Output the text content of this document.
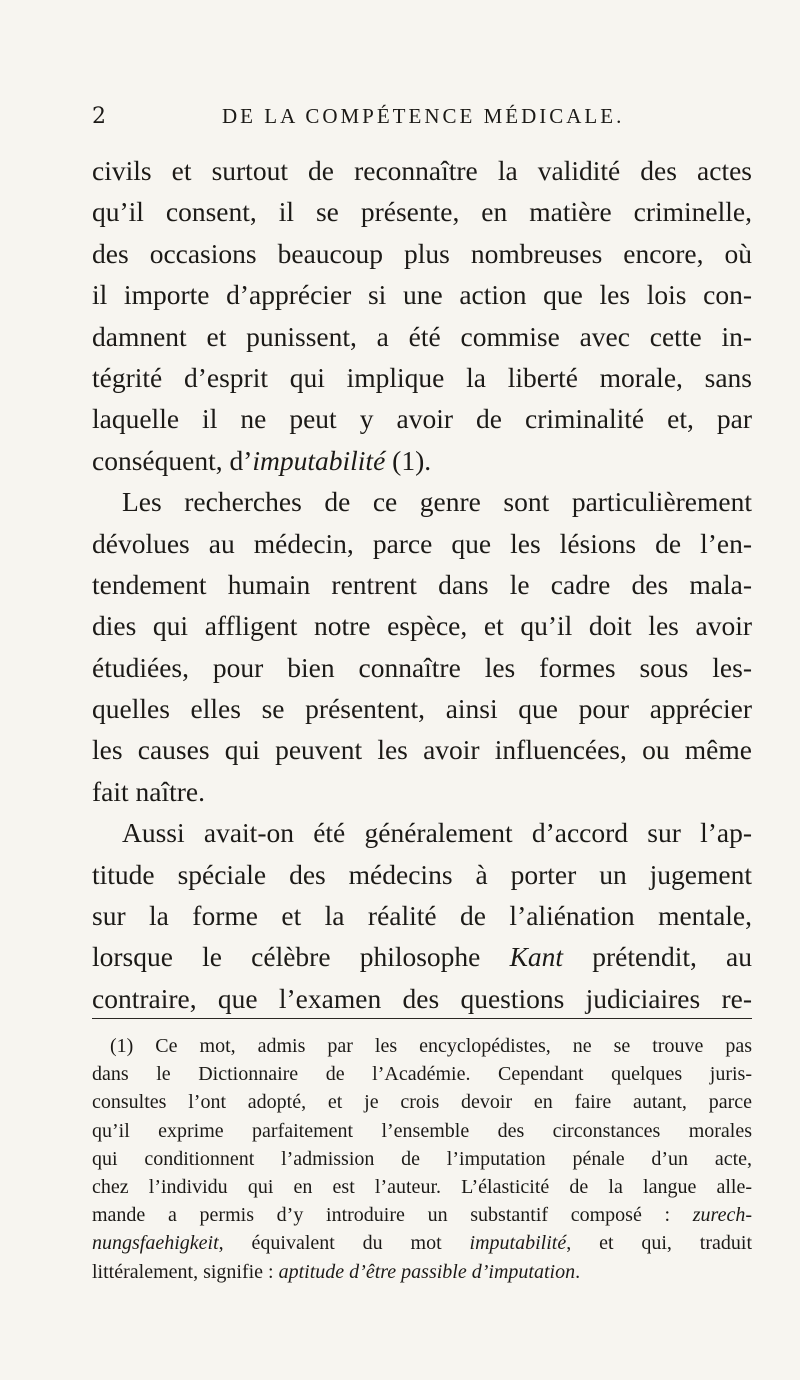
2	DE LA COMPÉTENCE MÉDICALE.
civils et surtout de reconnaître la validité des actes
qu’il consent, il se présente, en matière criminelle,
des occasions beaucoup plus nombreuses encore, où
il importe d’apprécier si une action que les lois con-
damnent et punissent, a été commise avec cette in-
tégrité d’esprit qui implique la liberté morale, sans
laquelle il ne peut y avoir de criminalité et, par
conséquent, d’imputabilité (1).
Les recherches de ce genre sont particulièrement
dévolues au médecin, parce que les lésions de l’en-
tendement humain rentrent dans le cadre des mala-
dies qui affligent notre espèce, et qu’il doit les avoir
étudiées, pour bien connaître les formes sous les-
quelles elles se présentent, ainsi que pour apprécier
les causes qui peuvent les avoir influencées, ou même
fait naître.
Aussi avait-on été généralement d’accord sur l’ap-
titude spéciale des médecins à porter un jugement
sur la forme et la réalité de l’aliénation mentale,
lorsque le célèbre philosophe Kant prétendit, au
contraire, que l’examen des questions judiciaires re-
(1) Ce mot, admis par les encyclopédistes, ne se trouve pas
dans le Dictionnaire de l’Académie. Cependant quelques juris-
consultes l’ont adopté, et je crois devoir en faire autant, parce
qu’il exprime parfaitement l’ensemble des circonstances morales
qui conditionnent l’admission de l’imputation pénale d’un acte,
chez l’individu qui en est l’auteur. L’élasticité de la langue alle-
mande a permis d’y introduire un substantif composé : zurech-
nungsfaehigkeit, équivalent du mot imputabilité, et qui, traduit
littéralement, signifie : aptitude d’être passible d’imputation.
